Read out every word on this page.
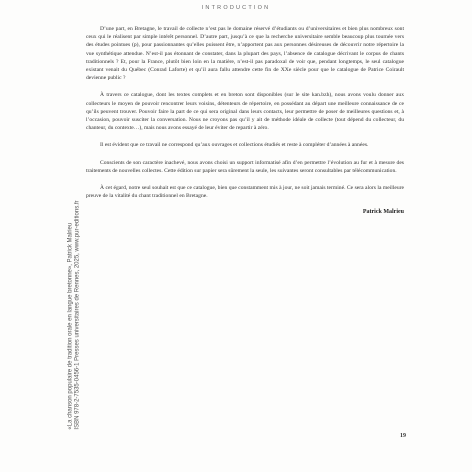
INTRODUCTION

D’une part, en Bretagne, le travail de collecte n’est pas le domaine réservé d’étudiants ou d’universitaires et bien plus nombreux sont ceux qui le réalisent par simple intérêt personnel. D’autre part, jusqu’à ce que la recherche universitaire semble beaucoup plus tournée vers des études pointues (p), pour passionnantes qu’elles puissent être, n’apportent pas aux personnes désireuses de découvrir notre répertoire la vue synthétique attendue. N’est-il pas étonnant de constater, dans la plupart des pays, l’absence de catalogue décrivant le corpus de chants traditionnels ? Et, pour la France, plutôt bien loin en la matière, n’est-il pas paradoxal de voir que, pendant longtemps, le seul catalogue existant venait du Québec (Conrad Laforte) et qu’il aura fallu attendre cette fin de XXe siècle pour que le catalogue de Patrice Coirault devienne public ?

À travers ce catalogue, dont les textes complets et en breton sont disponibles (sur le site kan.bzh), nous avons voulu donner aux collecteurs le moyen de pouvoir rencontrer leurs voisins, détenteurs de répertoire, en possédant au départ une meilleure connaissance de ce qu’ils peuvent trouver. Pouvoir faire la part de ce qui sera original dans leurs contacts, leur permettre de poser de meilleures questions et, à l’occasion, pouvoir susciter la conversation. Nous ne croyons pas qu’il y ait de méthode idéale de collecte (tout dépend du collecteur, du chanteur, du contexte…), mais nous avons essayé de leur éviter de repartir à zéro.

Il est évident que ce travail ne correspond qu’aux ouvrages et collections étudiés et reste à compléter d’années à années.

Conscients de son caractère inachevé, nous avons choisi un support informatisé afin d’en permettre l’évolution au fur et à mesure des traitements de nouvelles collectes. Cette édition sur papier sera sûrement la seule, les suivantes seront consultables par télécommunication.

À cet égard, notre seul souhait est que ce catalogue, bien que constamment mis à jour, ne soit jamais terminé. Ce sera alors la meilleure preuve de la vitalité du chant traditionnel en Bretagne.

Patrick Malrieu

«La chanson populaire de tradition orale en langue bretonne», Patrick Malrieu ISBN 978-2-7535-0456-1 Presses universitaires de Rennes, 2025, www.pur-editions.fr
19
